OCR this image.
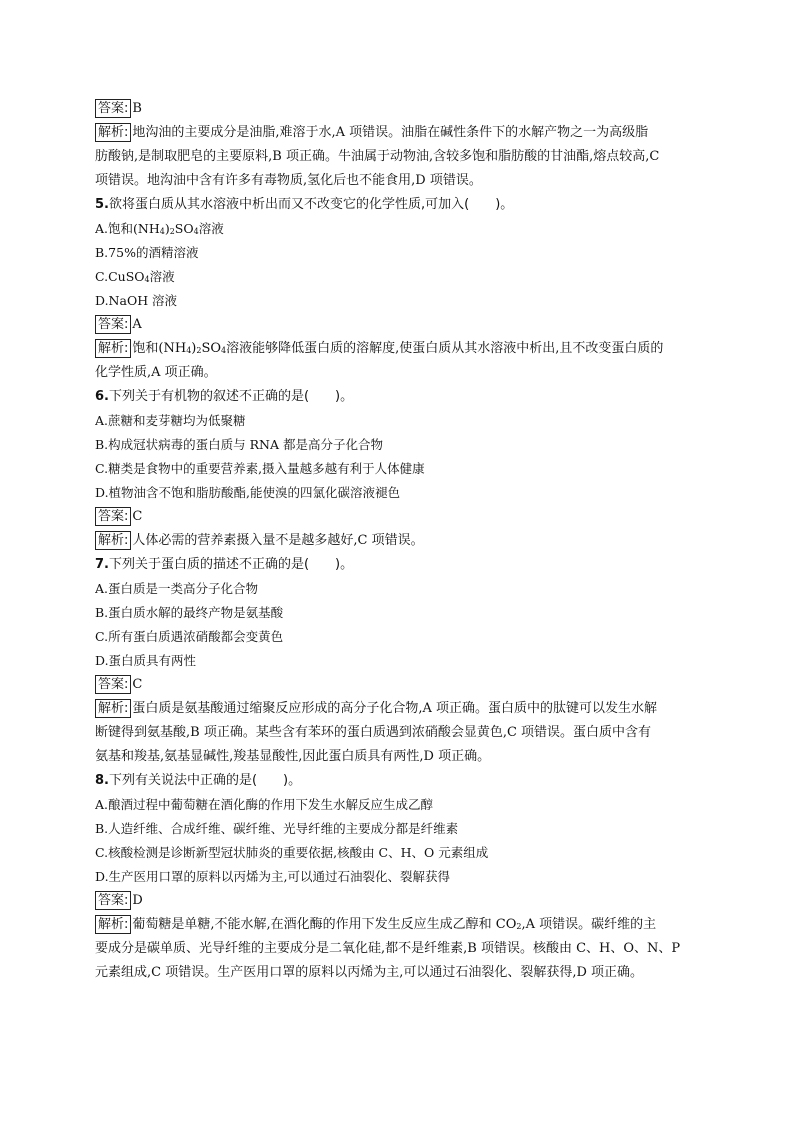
答案: B
解析: 地沟油的主要成分是油脂,难溶于水,A 项错误。油脂在碱性条件下的水解产物之一为高级脂
肪酸钠,是制取肥皂的主要原料,B 项正确。牛油属于动物油,含较多饱和脂肪酸的甘油酯,熔点较高,C
项错误。地沟油中含有许多有毒物质,氢化后也不能食用,D 项错误。
5.欲将蛋白质从其水溶液中析出而又不改变它的化学性质,可加入(　　)。
A.饱和$(NH_4)_2SO_4$溶液
B.75%的酒精溶液
C.CuSO$_4$溶液
D.NaOH 溶液
答案: A
解析: 饱和$(NH_4)_2SO_4$溶液能够降低蛋白质的溶解度,使蛋白质从其水溶液中析出,且不改变蛋白质的
化学性质,A 项正确。
6.下列关于有机物的叙述不正确的是(　　)。
A.蔗糖和麦芽糖均为低聚糖
B.构成冠状病毒的蛋白质与 RNA 都是高分子化合物
C.糖类是食物中的重要营养素,摄入量越多越有利于人体健康
D.植物油含不饱和脂肪酸酯,能使溴的四氯化碳溶液褪色
答案: C
解析: 人体必需的营养素摄入量不是越多越好,C 项错误。
7.下列关于蛋白质的描述不正确的是(　　)。
A.蛋白质是一类高分子化合物
B.蛋白质水解的最终产物是氨基酸
C.所有蛋白质遇浓硝酸都会变黄色
D.蛋白质具有两性
答案: C
解析: 蛋白质是氨基酸通过缩聚反应形成的高分子化合物,A 项正确。蛋白质中的肽键可以发生水解
断键得到氨基酸,B 项正确。某些含有苯环的蛋白质遇到浓硝酸会显黄色,C 项错误。蛋白质中含有
氨基和羧基,氨基显碱性,羧基显酸性,因此蛋白质具有两性,D 项正确。
8.下列有关说法中正确的是(　　)。
A.酿酒过程中葡萄糖在酒化酶的作用下发生水解反应生成乙醇
B.人造纤维、合成纤维、碳纤维、光导纤维的主要成分都是纤维素
C.核酸检测是诊断新型冠状肺炎的重要依据,核酸由 C、H、O 元素组成
D.生产医用口罩的原料以丙烯为主,可以通过石油裂化、裂解获得
答案: D
解析: 葡萄糖是单糖,不能水解,在酒化酶的作用下发生反应生成乙醇和 $CO_2,A$ 项错误。碳纤维的主
要成分是碳单质、光导纤维的主要成分是二氧化硅,都不是纤维素,B 项错误。核酸由 C、H、O、N、P
元素组成,C 项错误。生产医用口罩的原料以丙烯为主,可以通过石油裂化、裂解获得,D 项正确。
